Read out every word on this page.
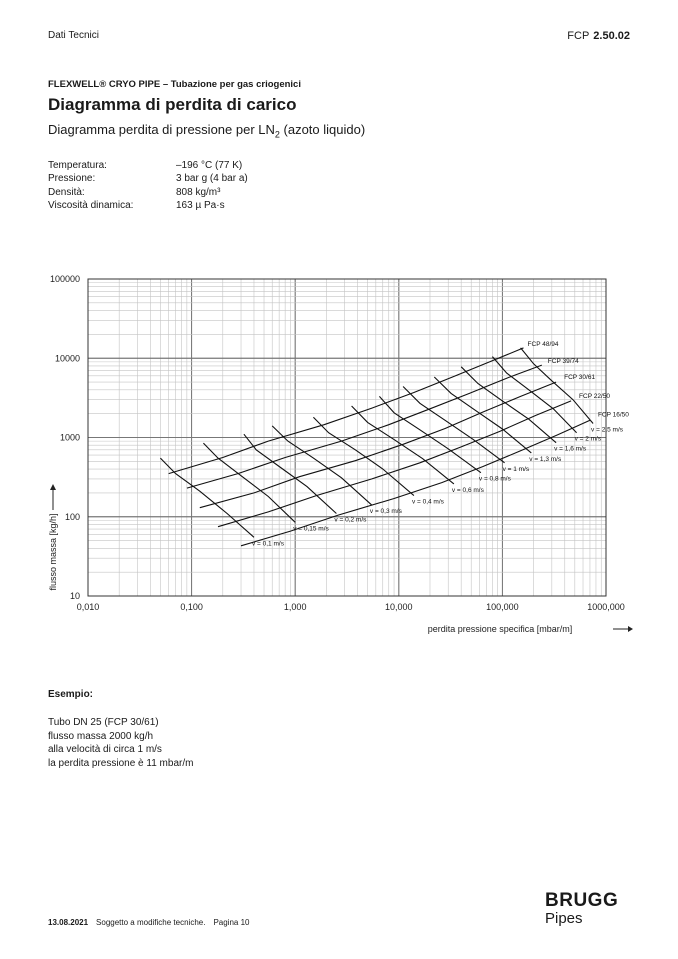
Dati Tecnici	FCP 2.50.02
FLEXWELL® CRYO PIPE – Tubazione per gas criogenici
Diagramma di perdita di carico
Diagramma perdita di pressione per $LN_2$ (azoto liquido)
Temperatura:	–196 °C (77 K)
Pressione:	3 bar g (4 bar a)
Densità:	808 kg/m³
Viscosità dinamica:	163 µ Pa·s
0,010	0,100	1,000	10,000	100,000	1000,000
10
100
1000
10000
100000
perdita pressione specifica [mbar/m]
flusso massa [kg/h]
FCP 48/94
FCP 39/74
FCP 30/61
FCP 22/50
FCP 16/50
v = 0,1 m/s
v = 0,15 m/s
v = 0,2 m/s
v = 0,3 m/s
v = 0,4 m/s
v = 0,6 m/s
v = 0,8 m/s
v = 1 m/s
v = 1,3 m/s
v = 1,6 m/s
v = 2 m/s
v = 2,5 m/s
Esempio:
Tubo DN 25 (FCP 30/61)
flusso massa 2000 kg/h
alla velocità di circa 1 m/s
la perdita pressione è 11 mbar/m
13.08.2021 Soggetto a modifiche tecniche. Pagina 10
BRUGG
Pipes
